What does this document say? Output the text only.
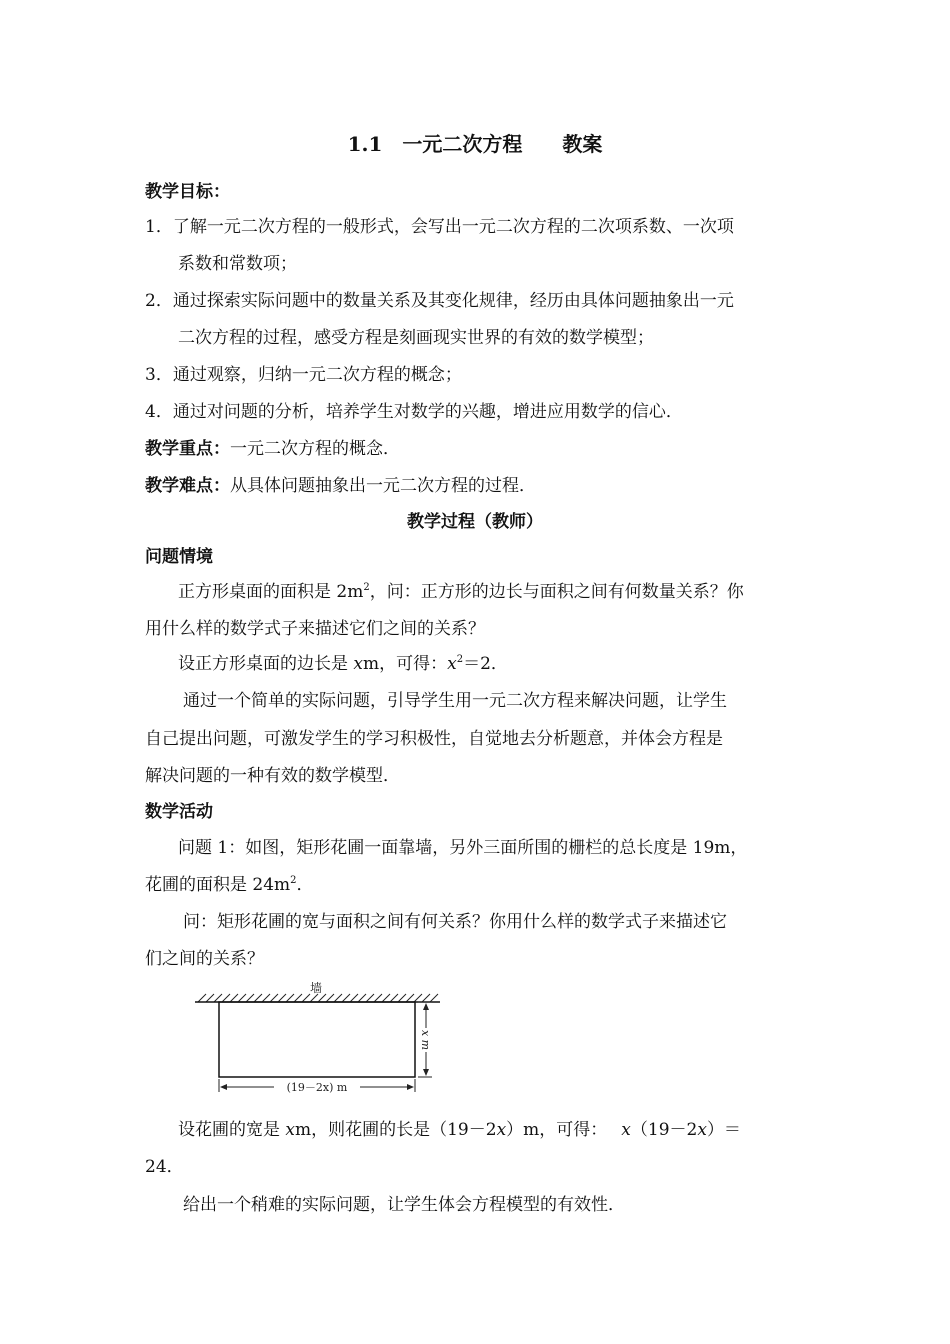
1.1　一元二次方程　　教案
教学目标：
1．了解一元二次方程的一般形式，会写出一元二次方程的二次项系数、一次项
系数和常数项；
2．通过探索实际问题中的数量关系及其变化规律，经历由具体问题抽象出一元
二次方程的过程，感受方程是刻画现实世界的有效的数学模型；
3．通过观察，归纳一元二次方程的概念；
4．通过对问题的分析，培养学生对数学的兴趣，增进应用数学的信心．
教学重点：一元二次方程的概念．
教学难点：从具体问题抽象出一元二次方程的过程．
教学过程（教师）
问题情境
正方形桌面的面积是 $2m^2$，问：正方形的边长与面积之间有何数量关系？你
用什么样的数学式子来描述它们之间的关系？
设正方形桌面的边长是 xm，可得：$x^2=2$．
通过一个简单的实际问题，引导学生用一元二次方程来解决问题，让学生
自己提出问题，可激发学生的学习积极性，自觉地去分析题意，并体会方程是
解决问题的一种有效的数学模型．
数学活动
问题 1：如图，矩形花圃一面靠墙，另外三面所围的栅栏的总长度是 19m，
花圃的面积是 $24m^2$．
问：矩形花圃的宽与面积之间有何关系？你用什么样的数学式子来描述它
们之间的关系？
墙
x m
(19－2x) m
设花圃的宽是 xm，则花圃的长是（19－2x）m，可得： x（19－2x）＝
24．
给出一个稍难的实际问题，让学生体会方程模型的有效性．
